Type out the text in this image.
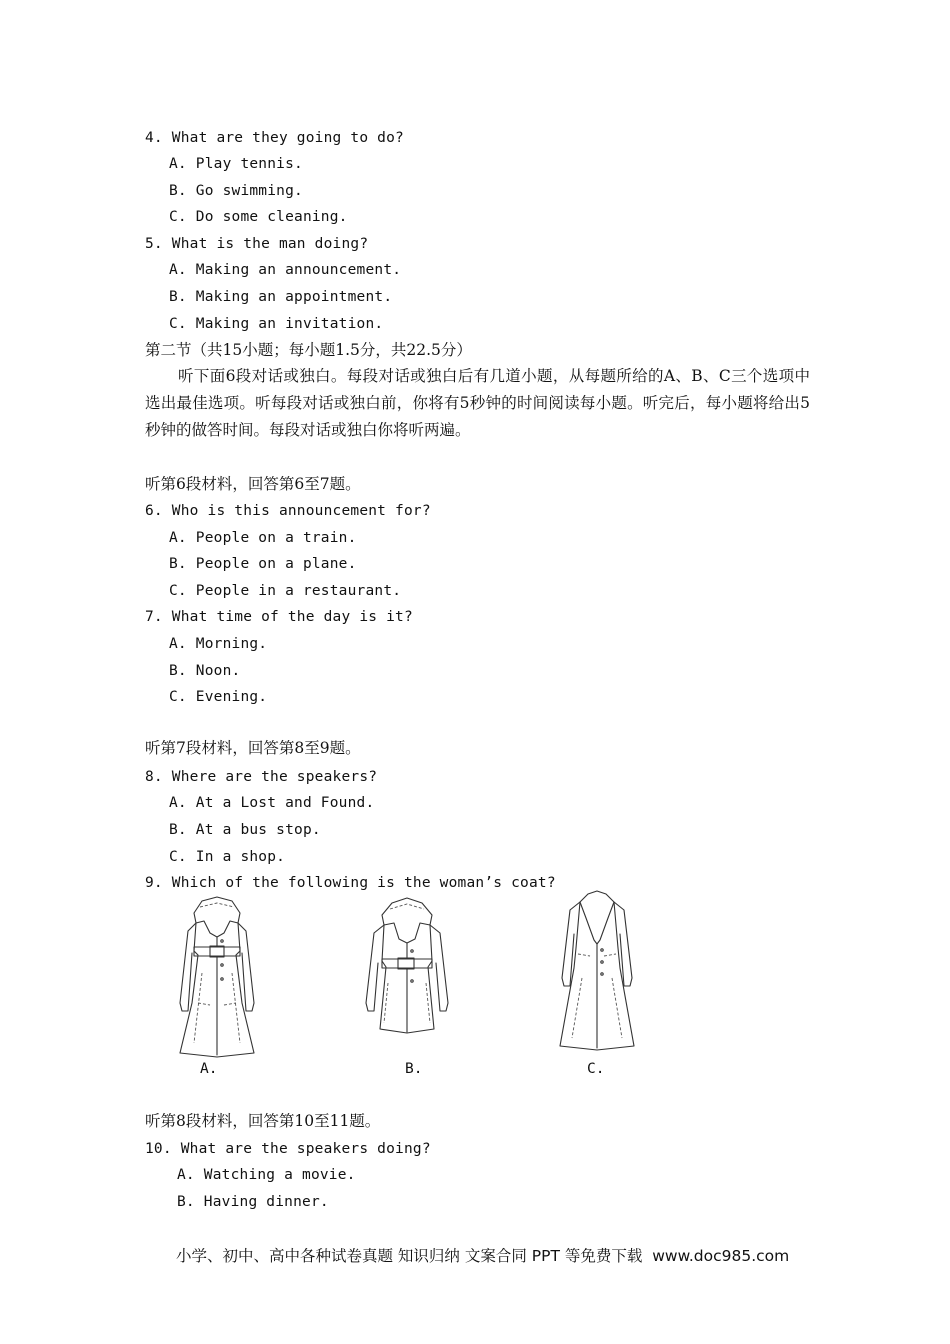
4. What are they going to do?
A. Play tennis.
B. Go swimming.
C. Do some cleaning.
5. What is the man doing?
A. Making an announcement.
B. Making an appointment.
C. Making an invitation.
第二节（共15小题；每小题1.5分，共22.5分）
听下面6段对话或独白。每段对话或独白后有几道小题，从每题所给的A、B、C三个选项中选出最佳选项。听每段对话或独白前，你将有5秒钟的时间阅读每小题。听完后，每小题将给出5秒钟的做答时间。每段对话或独白你将听两遍。
听第6段材料，回答第6至7题。
6. Who is this announcement for?
A. People on a train.
B. People on a plane.
C. People in a restaurant.
7. What time of the day is it?
A. Morning.
B. Noon.
C. Evening.
听第7段材料，回答第8至9题。
8. Where are the speakers?
A. At a Lost and Found.
B. At a bus stop.
C. In a shop.
9. Which of the following is the woman’s coat?
A.	B.	C.
听第8段材料，回答第10至11题。
10. What are the speakers doing?
A. Watching a movie.
B. Having dinner.
小学、初中、高中各种试卷真题 知识归纳 文案合同 PPT 等免费下载  www.doc985.com
